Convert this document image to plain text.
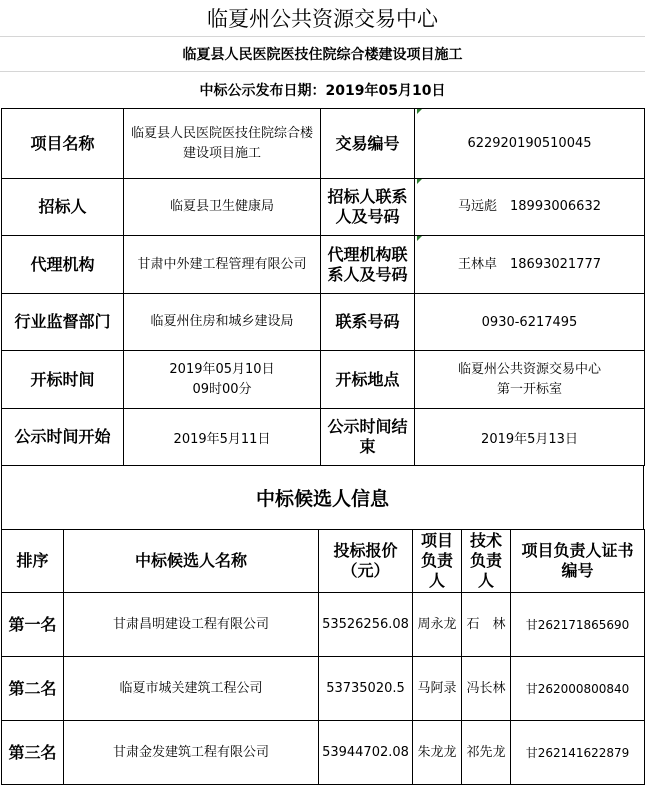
临夏州公共资源交易中心
临夏县人民医院医技住院综合楼建设项目施工
中标公示发布日期：2019年05月10日
项目名称	临夏县人民医院医技住院综合楼建设项目施工	交易编号	622920190510045
招标人	临夏县卫生健康局	招标人联系人及号码	马远彪　18993006632
代理机构	甘肃中外建工程管理有限公司	代理机构联系人及号码	王林卓　18693021777
行业监督部门	临夏州住房和城乡建设局	联系号码	0930-6217495
开标时间	2019年05月10日 09时00分	开标地点	临夏州公共资源交易中心第一开标室
公示时间开始	2019年5月11日	公示时间结束	2019年5月13日
中标候选人信息
排序	中标候选人名称	投标报价（元）	项目负责人	技术负责人	项目负责人证书编号
第一名	甘肃昌明建设工程有限公司	53526256.08	周永龙	石　林	甘262171865690
第二名	临夏市城关建筑工程公司	53735020.5	马阿录	冯长林	甘262000800840
第三名	甘肃金发建筑工程有限公司	53944702.08	朱龙龙	祁先龙	甘262141622879
